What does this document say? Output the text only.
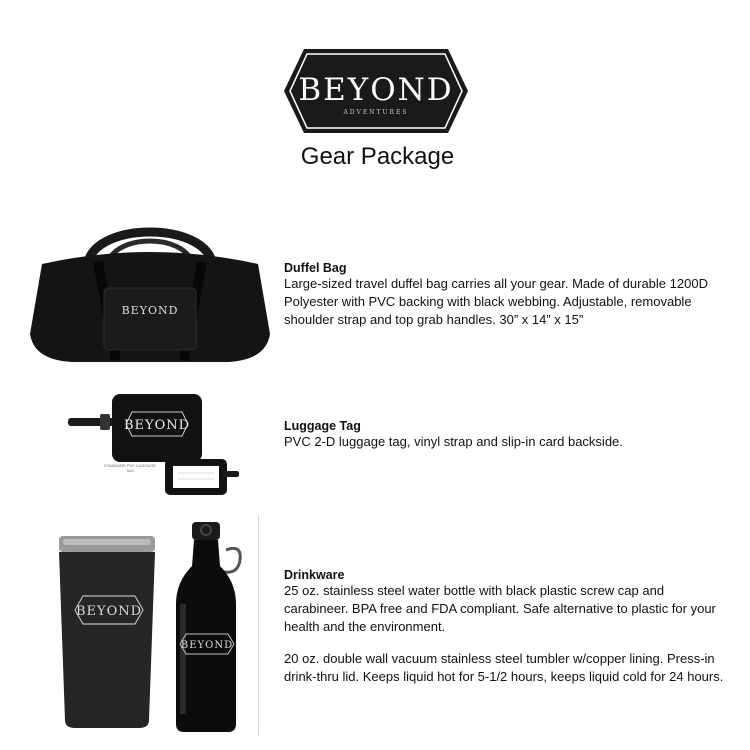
BEYOND
ADVENTURES
Gear Package
BEYOND
BEYOND
STANDARD PVC LUGGAGE TAG
BEYOND
BEYOND
Duffel Bag
Large-sized travel duffel bag carries all your gear. Made of durable 1200D Polyester with PVC backing with black webbing. Adjustable, removable shoulder strap and top grab handles. 30” x 14” x 15”
Luggage Tag
PVC 2-D luggage tag, vinyl strap and slip-in card backside.
Drinkware
25 oz. stainless steel water bottle with black plastic screw cap and carabineer. BPA free and FDA compliant. Safe alternative to plastic for your health and the environment.
20 oz. double wall vacuum stainless steel tumbler w/copper lining. Press-in drink-thru lid. Keeps liquid hot for 5-1/2 hours, keeps liquid cold for 24 hours.
